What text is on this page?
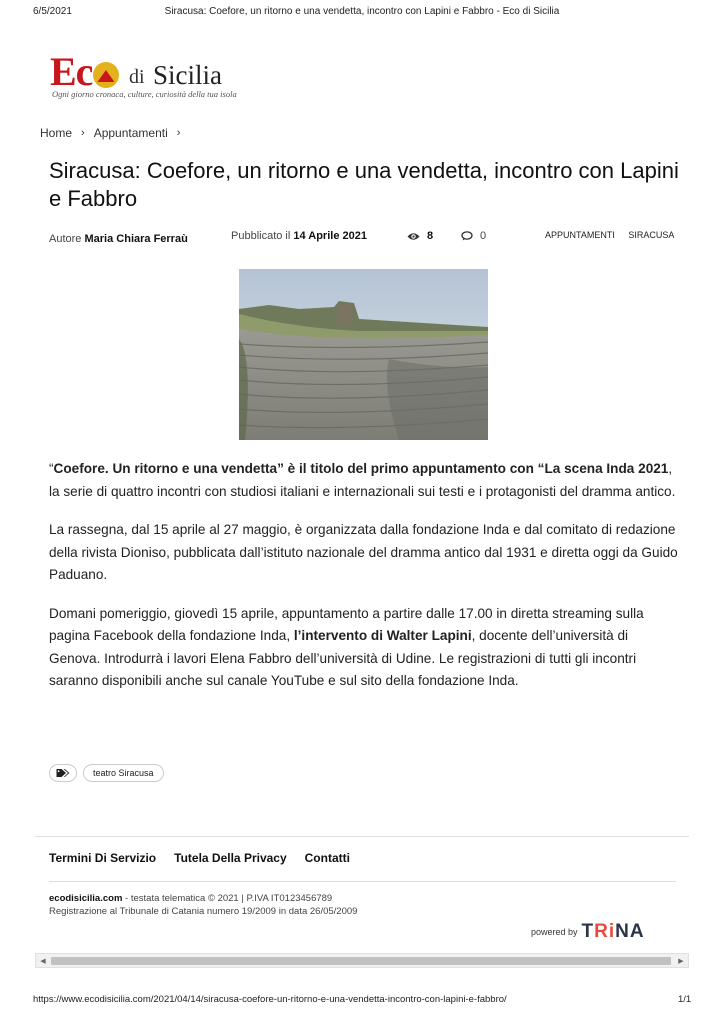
6/5/2021	Siracusa: Coefore, un ritorno e una vendetta, incontro con Lapini e Fabbro - Eco di Sicilia
Ec	di Sicilia
Ogni giorno cronaca, culture, curiosità della tua isola
Home › Appuntamenti ›
Siracusa: Coefore, un ritorno e una vendetta, incontro con Lapini e Fabbro
Autore Maria Chiara Ferraù	Pubblicato il 14 Aprile 2021	8	0	APPUNTAMENTI SIRACUSA

“Coefore. Un ritorno e una vendetta” è il titolo del primo appuntamento con “La scena Inda 2021, la serie di quattro incontri con studiosi italiani e internazionali sui testi e i protagonisti del dramma antico.

La rassegna, dal 15 aprile al 27 maggio, è organizzata dalla fondazione Inda e dal comitato di redazione della rivista Dioniso, pubblicata dall’istituto nazionale del dramma antico dal 1931 e diretta oggi da Guido Paduano.

Domani pomeriggio, giovedì 15 aprile, appuntamento a partire dalle 17.00 in diretta streaming sulla pagina Facebook della fondazione Inda, l’intervento di Walter Lapini, docente dell’università di Genova. Introdurrà i lavori Elena Fabbro dell’università di Udine. Le registrazioni di tutti gli incontri saranno disponibili anche sul canale YouTube e sul sito della fondazione Inda.

teatro Siracusa
Termini Di Servizio Tutela Della Privacy Contatti
ecodisicilia.com - testata telematica © 2021 | P.IVA IT0123456789
Registrazione al Tribunale di Catania numero 19/2009 in data 26/05/2009
powered by TRiNA
◀	▶
https://www.ecodisicilia.com/2021/04/14/siracusa-coefore-un-ritorno-e-una-vendetta-incontro-con-lapini-e-fabbro/	1/1
